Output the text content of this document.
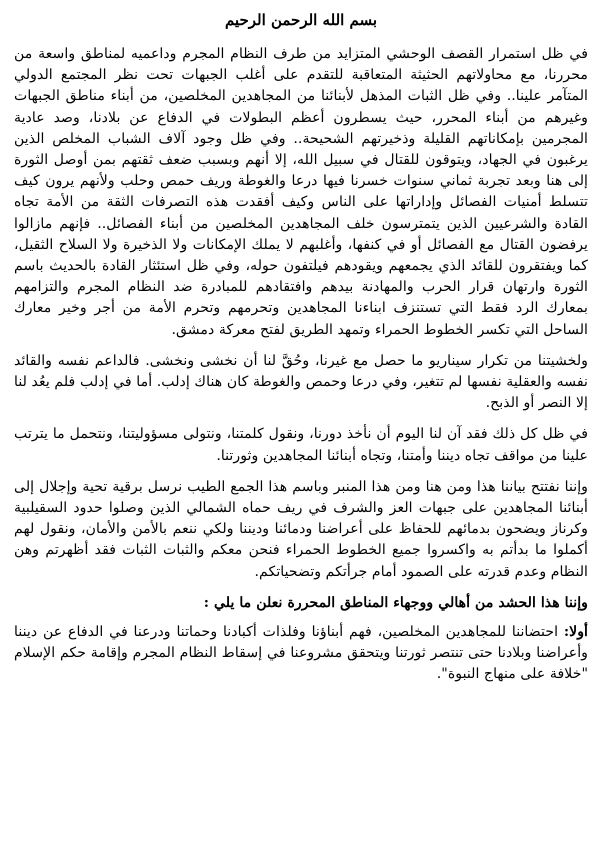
بسم الله الرحمن الرحيم

في ظل استمرار القصف الوحشي المتزايد من طرف النظام المجرم وداعميه لمناطق واسعة من محررنا، مع محاولاتهم الحثيثة المتعاقبة للتقدم على أغلب الجبهات تحت نظر المجتمع الدولي المتآمر علينا.. وفي ظل الثبات المذهل لأبنائنا من المجاهدين المخلصين، من أبناء مناطق الجبهات وغيرهم من أبناء المحرر، حيث يسطرون أعظم البطولات في الدفاع عن بلادنا، وصد عادية المجرمين بإمكاناتهم القليلة وذخيرتهم الشحيحة.. وفي ظل وجود آلاف الشباب المخلص الذين يرغبون في الجهاد، ويتوقون للقتال في سبيل الله، إلا أنهم وبسبب ضعف ثقتهم بمن أوصل الثورة إلى هنا وبعد تجربة ثماني سنوات خسرنا فيها درعا والغوطة وريف حمص وحلب ولأنهم يرون كيف تتسلط أمنيات الفصائل وإداراتها على الناس وكيف أفقدت هذه التصرفات الثقة من الأمة تجاه القادة والشرعيين الذين يتمترسون خلف المجاهدين المخلصين من أبناء الفصائل.. فإنهم مازالوا يرفضون القتال مع الفصائل أو في كنفها، وأغلبهم لا يملك الإمكانات ولا الذخيرة ولا السلاح الثقيل، كما ويفتقرون للقائد الذي يجمعهم ويقودهم فيلتفون حوله، وفي ظل استئثار القادة بالحديث باسم الثورة وارتهان قرار الحرب والمهادنة بيدهم وافتقادهم للمبادرة ضد النظام المجرم والتزامهم بمعارك الرد فقط التي تستنزف ابناءنا المجاهدين وتحرمهم وتحرم الأمة من أجر وخير معارك الساحل التي تكسر الخطوط الحمراء وتمهد الطريق لفتح معركة دمشق.

ولخشيتنا من تكرار سيناريو ما حصل مع غيرنا، وحُقَّ لنا أن نخشى ونخشى. فالداعم نفسه والقائد نفسه والعقلية نفسها لم تتغير، وفي درعا وحمص والغوطة كان هناك إدلب. أما في إدلب فلم يعُد لنا إلا النصر أو الذبح.

في ظل كل ذلك فقد آن لنا اليوم أن نأخذ دورنا، ونقول كلمتنا، ونتولى مسؤوليتنا، ونتحمل ما يترتب علينا من مواقف تجاه ديننا وأمتنا، وتجاه أبنائنا المجاهدين وثورتنا.

وإننا نفتتح بياننا هذا ومن هنا ومن هذا المنبر وباسم هذا الجمع الطيب نرسل برقية تحية وإجلال إلى أبنائنا المجاهدين على جبهات العز والشرف في ريف حماه الشمالي الذين وصلوا حدود السقيلبية وكرناز ويضحون بدمائهم للحفاظ على أعراضنا ودمائنا وديننا ولكي ننعم بالأمن والأمان، ونقول لهم أكملوا ما بدأتم به واكسروا جميع الخطوط الحمراء فنحن معكم والثبات الثبات فقد أظهرتم وهن النظام وعدم قدرته على الصمود أمام جرأتكم وتضحياتكم.

وإننا هذا الحشد من أهالي ووجهاء المناطق المحررة نعلن ما يلي :

أولا: احتضاننا للمجاهدين المخلصين، فهم أبناؤنا وفلذات أكبادنا وحماتنا ودرعنا في الدفاع عن ديننا وأعراضنا وبلادنا حتى تنتصر ثورتنا ويتحقق مشروعنا في إسقاط النظام المجرم وإقامة حكم الإسلام "خلافة على منهاج النبوة".
